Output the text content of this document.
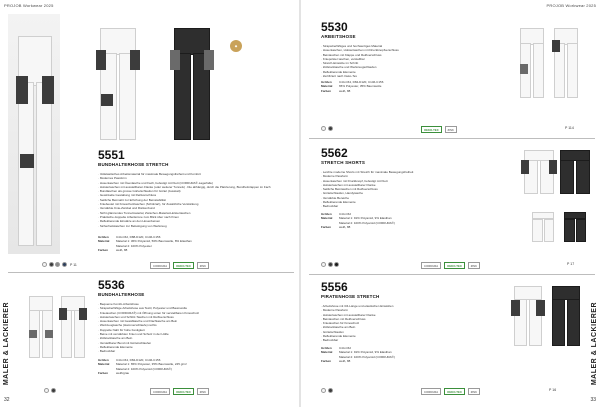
PROJOB Workwear 2025
◆
5551
BUNDHALTERHOSE STRETCH
· Vollelastisches Arbeitsmaterial für maximale Bewegungsfreiheit und Komfort
· Modernes Passform
· Hosentaschen mit Ösenlasche und Fach, befestigt mit Klett (CORDURA®-Lagerfalle)
· Holstertaschen mit ausstellbaren Flanke (oder weiterer Tunnels) . Die abhängig, durch die Platzierung, Bundholmlappen im Fach
· Bundlaschen als grosse Gürtelschlaufen für Gürtel (Ausstatt)
· Gewinkelte Gestaltung mit Reißverschluss
· Seitliche Beinnaht zur Erhöhung der Beinstabilität
· Kniebeutel mit Knieschutztaschen (Schützart), für Zusätzliche Verstärkung
· Verstärkte Knie-Zwickel und Rückenbund
· Nicht glänzendes Tunnelmaterial, Zwischen-Material-Holstertaschen
· Praktische doppelte Arbeitszone zum Blick über nach Ihnen
· Reflektierende Einsätze an den Hosenbeinen
· Sicherheitslaschen zur Befestigung von Werkzeug
Größen	C44-C62, D88-D120, C146-C156
Material	Material 1: 36% Polyamid, 56% Baumwolle, 8% Elasthan
Material 2: 100% Polyester
Farben	weiß, 88
P 11	CORDURA	OEKO-TEX	#INK
5536
BUNDHALTERHOSE
· Bequeme Kombi-Arbeitshose
· Strapazierfähige Arbeitshose aus Textil, Polyester und Baumwolle
· Knietaschen (CORDURA®) mit Öffnung unten für verstellbaren Knieschutz
· Holstertaschen und Schlitz-Taschen mit Reißverschluss
· Hosentaschen mit Gesäßtasche und Flachtasche am Bein
· Werkzeugtasche (Hammerschlaufe) rechts
· Doppelte Naht für hohe Festigkeit
· Beine mit verstärkten Knien und Schutz in der Hüfte
· Zollstocktasche am Bein
· Verstellbarer Bund mit Gürtelschlaufen
· Reflektierende Elemente
· Bedruckbar
Größen	C44-C64, D84-D120, C146-C156
Material	Material 1: 65% Polyester, 35% Baumwolle, 245 g/m²
Material 2: 100% Polyamid (CORDURA®)
Farben	weiß/grau
CORDURA	OEKO-TEX	#INK
MALER & LACKIERER
32
PROJOB Workwear 2025
5530
ARBEITSHOSE
· Strapazierfähiges und hochwertiges Material
· Hosentaschen, Holstertaschen mit Druckknopfverschluss
· Beintaschen mit Klappe und Reißverschluss
· Kniepolster taschen, verstellbar
· Stretch-Einsätze im Schritt
· Zollstocktasche und Werkzeugschlaufen
· Reflektierende Elemente
· Zertifiziert nach Oeko-Tex
Größen	C44-C64, D84-D120, C146-C156
Material	65% Polyester, 35% Baumwolle
Farben	weiß, 88
OEKO-TEX	#INK	P 114
5562
STRETCH SHORTS
· Leichte moderne Shorts mit Stretch für maximale Bewegungsfreiheit
· Moderne Passform
· Hosentaschen mit Druckknopf, befestigt mit Klett
· Holstertaschen mit ausstellbarer Flanke
· Seitliche Beintaschen mit Reißverschluss
· Gürtelschlaufen, Handytasche
· Verstärkte Bereiche
· Reflektierende Elemente
· Bedruckbar
Größen	C44-C62
Material	Material 1: 91% Polyamid, 9% Elasthan
Material 2: 100% Polyamid (CORDURA®)
Farben	weiß, 88
CORDURA	OEKO-TEX	#INK	P 17
5556
PIRATENHOSE STRETCH
· Arbeitshose mit 3/4-Länge und elastischen Einsätzen
· Moderne Passform
· Holstertaschen mit ausstellbarer Flanke
· Beintaschen mit Reißverschluss
· Knietaschen für Knieschutz
· Zollstocktasche am Bein
· Gürtelschlaufen
· Reflektierende Elemente
· Bedruckbar
Größen	C44-C62
Material	Material 1: 91% Polyamid, 9% Elasthan
Material 2: 100% Polyamid (CORDURA®)
Farben	weiß, 88
CORDURA	OEKO-TEX	#INK	P 16
MALER & LACKIERER
33
